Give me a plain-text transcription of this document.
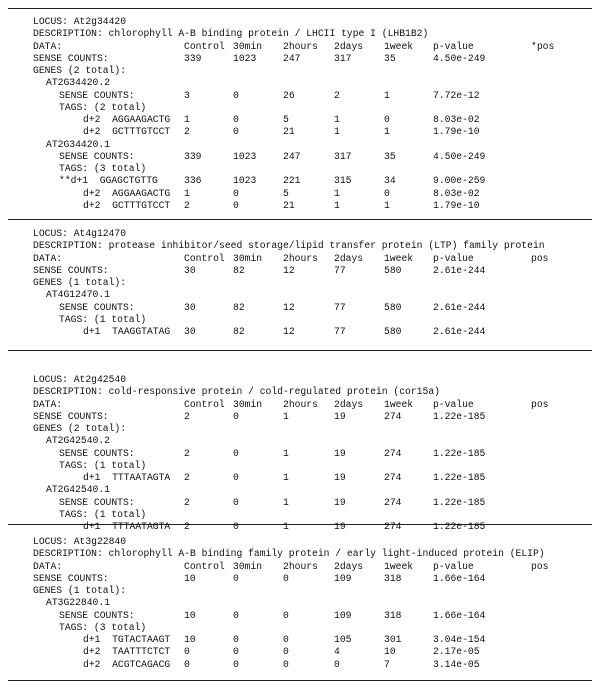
LOCUS: At2g34420
DESCRIPTION: chlorophyll A-B binding protein / LHCII type I (LHB1B2)
DATA:	Control 30min 2hours 2days 1week p-value	*pos
SENSE COUNTS:	339	1023	247	317	35	4.50e-249
GENES (2 total):
AT2G34420.2
SENSE COUNTS:	3	0	26	2	1	7.72e-12
TAGS: (2 total)
d+2  AGGAAGACTG 1	0	5	1	0	8.03e-02
d+2  GCTTTGTCCT 2	0	21	1	1	1.79e-10
AT2G34420.1
SENSE COUNTS:	339	1023	247	317	35	4.50e-249
TAGS: (3 total)
**d+1  GGAGCTGTTG	336	1023	221	315	34	9.00e-259
d+2  AGGAAGACTG 1	0	5	1	0	8.03e-02
d+2  GCTTTGTCCT 2	0	21	1	1	1.79e-10
LOCUS: At4g12470
DESCRIPTION: protease inhibitor/seed storage/lipid transfer protein (LTP) family protein
DATA:	Control 30min 2hours 2days 1week p-value	pos
SENSE COUNTS:	30	82	12	77	580	2.61e-244
GENES (1 total):
AT4G12470.1
SENSE COUNTS:	30	82	12	77	580	2.61e-244
TAGS: (1 total)
d+1  TAAGGTATAG 30	82	12	77	580	2.61e-244
LOCUS: At2g42540
DESCRIPTION: cold-responsive protein / cold-regulated protein (cor15a)
DATA:	Control 30min 2hours 2days 1week p-value	pos
SENSE COUNTS:	2	0	1	19	274	1.22e-185
GENES (2 total):
AT2G42540.2
SENSE COUNTS:	2	0	1	19	274	1.22e-185
TAGS: (1 total)
d+1  TTTAATAGTA 2	0	1	19	274	1.22e-185
AT2G42540.1
SENSE COUNTS:	2	0	1	19	274	1.22e-185
TAGS: (1 total)
d+1  TTTAATAGTA 2	0	1	19	274	1.22e-185
LOCUS: At3g22840
DESCRIPTION: chlorophyll A-B binding family protein / early light-induced protein (ELIP)
DATA:	Control 30min 2hours 2days 1week p-value	pos
SENSE COUNTS:	10	0	0	109	318	1.66e-164
GENES (1 total):
AT3G22840.1
SENSE COUNTS:	10	0	0	109	318	1.66e-164
TAGS: (3 total)
d+1  TGTACTAAGT 10	0	0	105	301	3.04e-154
d+2  TAATTTCTCT 0	0	0	4	10	2.17e-05
d+2  ACGTCAGACG 0	0	0	0	7	3.14e-05
